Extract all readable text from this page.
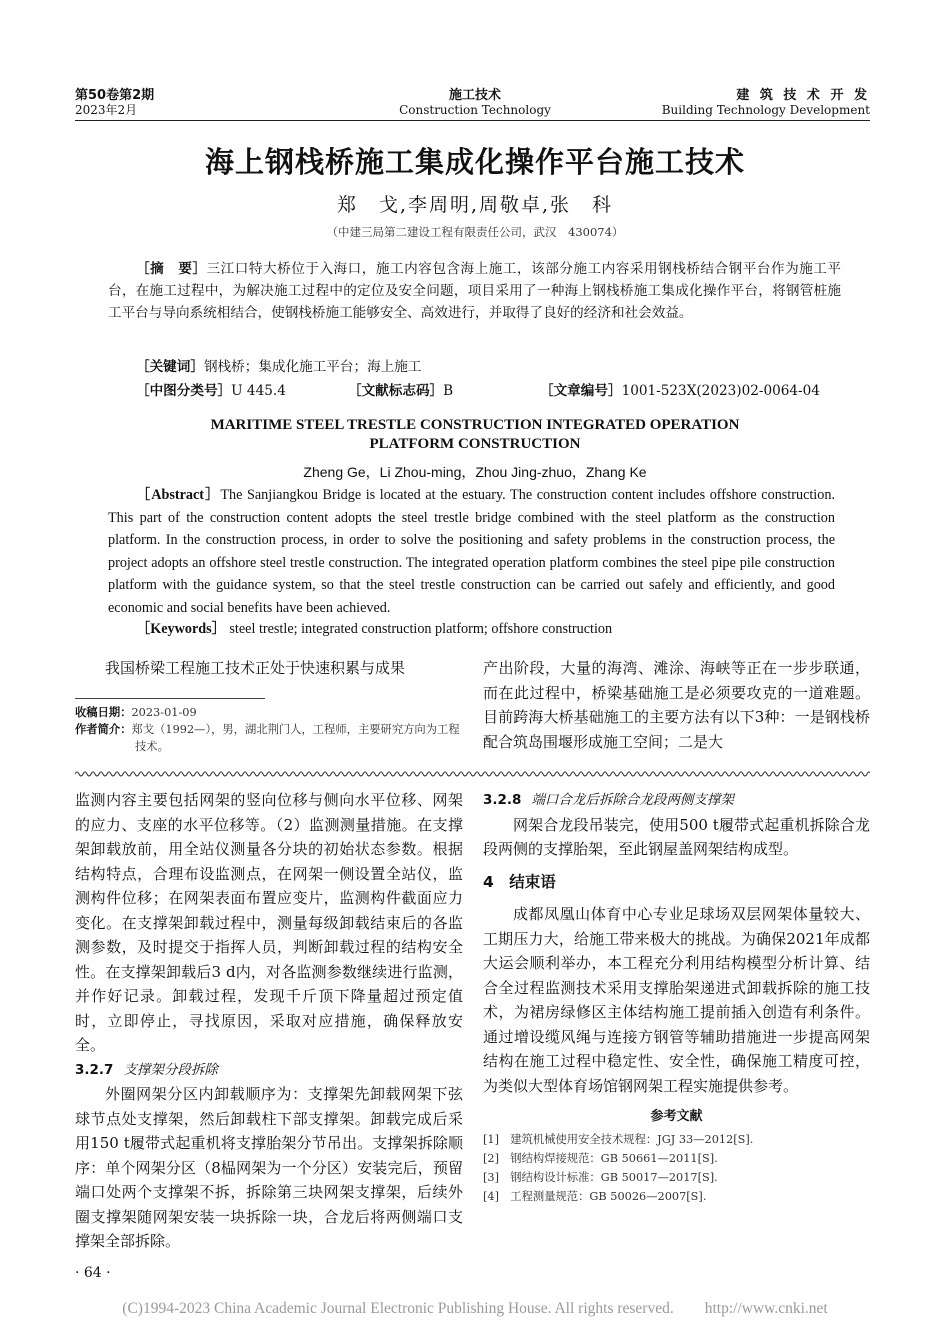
第50卷第2期
2023年2月
施工技术
Construction Technology
建 筑 技 术 开 发
Building Technology Development
海上钢栈桥施工集成化操作平台施工技术
郑　戈,李周明,周敬卓,张　科
（中建三局第二建设工程有限责任公司，武汉　430074）
［摘　要］三江口特大桥位于入海口，施工内容包含海上施工，该部分施工内容采用钢栈桥结合钢平台作为施工平台，在施工过程中，为解决施工过程中的定位及安全问题，项目采用了一种海上钢栈桥施工集成化操作平台，将钢管桩施工平台与导向系统相结合，使钢栈桥施工能够安全、高效进行，并取得了良好的经济和社会效益。
［关键词］钢栈桥；集成化施工平台；海上施工
［中图分类号］U 445.4	［文献标志码］B	［文章编号］1001-523X(2023)02-0064-04
MARITIME STEEL TRESTLE CONSTRUCTION INTEGRATED OPERATION
PLATFORM CONSTRUCTION
Zheng Ge，Li Zhou-ming，Zhou Jing-zhuo，Zhang Ke
［Abstract］The Sanjiangkou Bridge is located at the estuary. The construction content includes offshore construction. This part of the construction content adopts the steel trestle bridge combined with the steel platform as the construction platform. In the construction process, in order to solve the positioning and safety problems in the construction process, the project adopts an offshore steel trestle construction. The integrated operation platform combines the steel pipe pile construction platform with the guidance system, so that the steel trestle construction can be carried out safely and efficiently, and good economic and social benefits have been achieved.
［Keywords］ steel trestle; integrated construction platform; offshore construction

我国桥梁工程施工技术正处于快速积累与成果	产出阶段，大量的海湾、滩涂、海峡等正在一步步联通，而在此过程中，桥梁基础施工是必须要攻克的一道难题。目前跨海大桥基础施工的主要方法有以下3种：一是钢栈桥配合筑岛围堰形成施工空间；二是大

收稿日期：2023-01-09
作者简介：郑戈（1992—），男，湖北荆门人，工程师，主要研究方向为工程技术。

监测内容主要包括网架的竖向位移与侧向水平位移、网架的应力、支座的水平位移等。（2）监测测量措施。在支撑架卸载放前，用全站仪测量各分块的初始状态参数。根据结构特点，合理布设监测点，在网架一侧设置全站仪，监测构件位移；在网架表面布置应变片，监测构件截面应力变化。在支撑架卸载过程中，测量每级卸载结束后的各监测参数，及时提交于指挥人员，判断卸载过程的结构安全性。在支撑架卸载后3 d内，对各监测参数继续进行监测，并作好记录。卸载过程，发现千斤顶下降量超过预定值时，立即停止，寻找原因，采取对应措施，确保释放安全。

3.2.7 支撑架分段拆除

外圈网架分区内卸载顺序为：支撑架先卸载网架下弦球节点处支撑架，然后卸载柱下部支撑架。卸载完成后采用150 t履带式起重机将支撑胎架分节吊出。支撑架拆除顺序：单个网架分区（8榀网架为一个分区）安装完后，预留端口处两个支撑架不拆，拆除第三块网架支撑架，后续外圈支撑架随网架安装一块拆除一块，合龙后将两侧端口支撑架全部拆除。

3.2.8 端口合龙后拆除合龙段两侧支撑架

网架合龙段吊装完，使用500 t履带式起重机拆除合龙段两侧的支撑胎架，至此钢屋盖网架结构成型。

4　结束语

成都凤凰山体育中心专业足球场双层网架体量较大、工期压力大，给施工带来极大的挑战。为确保2021年成都大运会顺利举办，本工程充分利用结构模型分析计算、结合全过程监测技术采用支撑胎架递进式卸载拆除的施工技术，为裙房绿修区主体结构施工提前插入创造有利条件。通过增设缆风绳与连接方钢管等辅助措施进一步提高网架结构在施工过程中稳定性、安全性，确保施工精度可控，为类似大型体育场馆钢网架工程实施提供参考。

参考文献
[1]　建筑机械使用安全技术规程：JGJ 33—2012[S].
[2]　钢结构焊接规范：GB 50661—2011[S].
[3]　钢结构设计标准：GB 50017—2017[S].
[4]　工程测量规范：GB 50026—2007[S].
· 64 ·
(C)1994-2023 China Academic Journal Electronic Publishing House. All rights reserved.　　http://www.cnki.net
